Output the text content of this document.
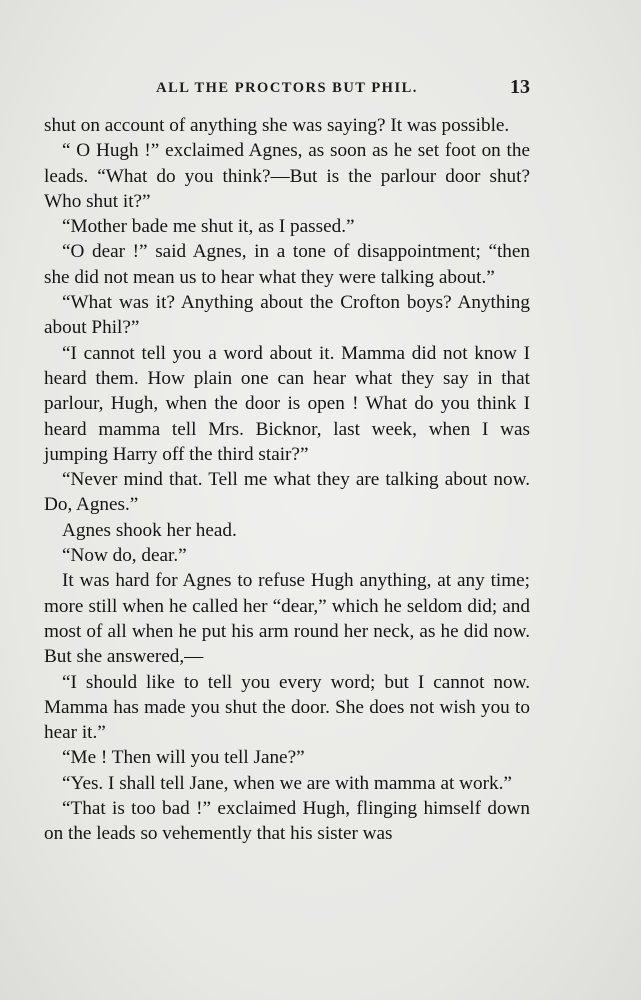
ALL THE PROCTORS BUT PHIL.	13

shut on account of anything she was saying? It was possible.

“ O Hugh !” exclaimed Agnes, as soon as he set foot on the leads. “What do you think?—But is the parlour door shut? Who shut it?”

“Mother bade me shut it, as I passed.”

“O dear !” said Agnes, in a tone of disappointment; “then she did not mean us to hear what they were talking about.”

“What was it? Anything about the Crofton boys? Anything about Phil?”

“I cannot tell you a word about it. Mamma did not know I heard them. How plain one can hear what they say in that parlour, Hugh, when the door is open ! What do you think I heard mamma tell Mrs. Bicknor, last week, when I was jumping Harry off the third stair?”

“Never mind that. Tell me what they are talking about now. Do, Agnes.”

Agnes shook her head.

“Now do, dear.”

It was hard for Agnes to refuse Hugh anything, at any time; more still when he called her “dear,” which he seldom did; and most of all when he put his arm round her neck, as he did now. But she answered,—

“I should like to tell you every word; but I cannot now. Mamma has made you shut the door. She does not wish you to hear it.”

“Me ! Then will you tell Jane?”

“Yes. I shall tell Jane, when we are with mamma at work.”

“That is too bad !” exclaimed Hugh, flinging himself down on the leads so vehemently that his sister was
